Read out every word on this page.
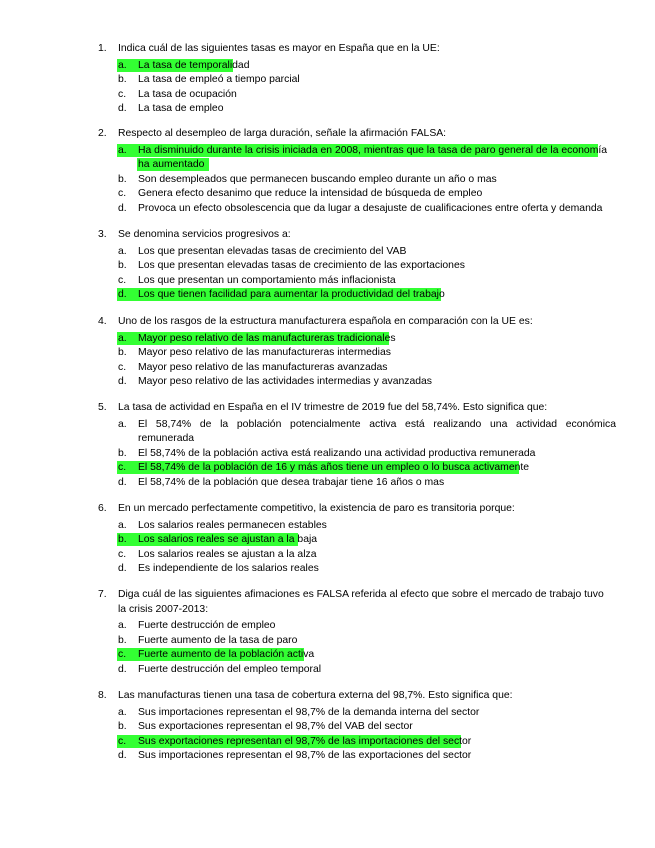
1. Indica cuál de las siguientes tasas es mayor en España que en la UE:
a. La tasa de temporalidad
b. La tasa de empleó a tiempo parcial
c. La tasa de ocupación
d. La tasa de empleo
2. Respecto al desempleo de larga duración, señale la afirmación FALSA:
a. Ha disminuido durante la crisis iniciada en 2008, mientras que la tasa de paro general de la economía
ha aumentado
b. Son desempleados que permanecen buscando empleo durante un año o mas
c. Genera efecto desanimo que reduce la intensidad de búsqueda de empleo
d. Provoca un efecto obsolescencia que da lugar a desajuste de cualificaciones entre oferta y demanda
3. Se denomina servicios progresivos a:
a. Los que presentan elevadas tasas de crecimiento del VAB
b. Los que presentan elevadas tasas de crecimiento de las exportaciones
c. Los que presentan un comportamiento más inflacionista
d. Los que tienen facilidad para aumentar la productividad del trabajo
4. Uno de los rasgos de la estructura manufacturera española en comparación con la UE es:
a. Mayor peso relativo de las manufactureras tradicionales
b. Mayor peso relativo de las manufactureras intermedias
c. Mayor peso relativo de las manufactureras avanzadas
d. Mayor peso relativo de las actividades intermedias y avanzadas
5. La tasa de actividad en España en el IV trimestre de 2019 fue del 58,74%. Esto significa que:
a. El 58,74% de la población potencialmente activa está realizando una actividad económica
remunerada
b. El 58,74% de la población activa está realizando una actividad productiva remunerada
c. El 58,74% de la población de 16 y más años tiene un empleo o lo busca activamente
d. El 58,74% de la población que desea trabajar tiene 16 años o mas
6. En un mercado perfectamente competitivo, la existencia de paro es transitoria porque:
a. Los salarios reales permanecen estables
b. Los salarios reales se ajustan a la baja
c. Los salarios reales se ajustan a la alza
d. Es independiente de los salarios reales
7. Diga cuál de las siguientes afimaciones es FALSA referida al efecto que sobre el mercado de trabajo tuvo
la crisis 2007-2013:
a. Fuerte destrucción de empleo
b. Fuerte aumento de la tasa de paro
c. Fuerte aumento de la población activa
d. Fuerte destrucción del empleo temporal
8. Las manufacturas tienen una tasa de cobertura externa del 98,7%. Esto significa que:
a. Sus importaciones representan el 98,7% de la demanda interna del sector
b. Sus exportaciones representan el 98,7% del VAB del sector
c. Sus exportaciones representan el 98,7% de las importaciones del sector
d. Sus importaciones representan el 98,7% de las exportaciones del sector
